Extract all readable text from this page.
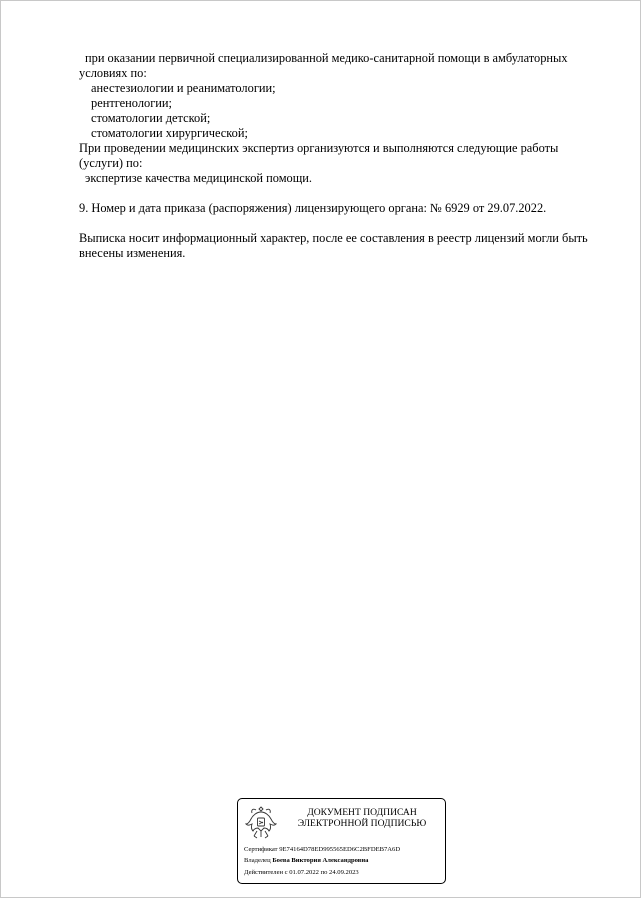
при оказании первичной специализированной медико-санитарной помощи в амбулаторных
условиях по:
анестезиологии и реаниматологии;
рентгенологии;
стоматологии детской;
стоматологии хирургической;
При проведении медицинских экспертиз организуются и выполняются следующие работы
(услуги) по:
экспертизе качества медицинской помощи.
9. Номер и дата приказа (распоряжения) лицензирующего органа: № 6929 от 29.07.2022.
Выписка носит информационный характер, после ее составления в реестр лицензий могли быть
внесены изменения.
ДОКУМЕНТ ПОДПИСАН
ЭЛЕКТРОННОЙ ПОДПИСЬЮ
Сертификат 9E74164D78ED995565ED6C2BFDEB7A6D
Владелец Боева Виктория Александровна
Действителен с 01.07.2022 по 24.09.2023
